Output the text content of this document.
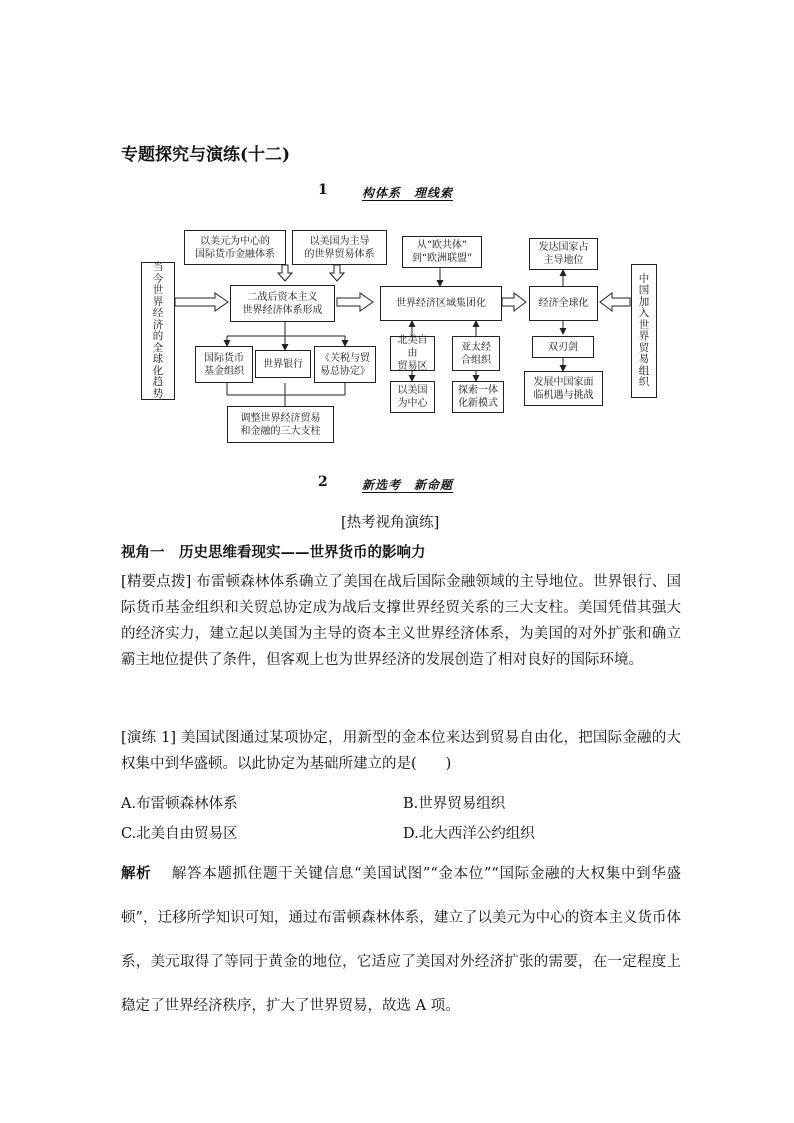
专题探究与演练(十二)
1	构体系　理线索
当
今
世
界
经
济
的
全
球
化
趋
势
中
国
加
入
世
界
贸
易
组
织
以美元为中心的
国际货币金融体系
以美国为主导
的世界贸易体系
二战后资本主义
世界经济体系形成
国际货币
基金组织
世界银行
《关税与贸
易总协定》
调整世界经济贸易
和金融的三大支柱
从“欧共体”
到“欧洲联盟”
世界经济区域集团化
北美自由
贸易区
亚太经
合组织
以美国
为中心
探索一体
化新模式
发达国家占
主导地位
经济全球化
双刃剑
发展中国家面
临机遇与挑战
2	新选考　新命题
[热考视角演练]
视角一　历史思维看现实——世界货币的影响力
[精要点拨] 布雷顿森林体系确立了美国在战后国际金融领域的主导地位。世界银行、国际货币基金组织和关贸总协定成为战后支撑世界经贸关系的三大支柱。美国凭借其强大的经济实力，建立起以美国为主导的资本主义世界经济体系，为美国的对外扩张和确立霸主地位提供了条件，但客观上也为世界经济的发展创造了相对良好的国际环境。
[演练 1] 美国试图通过某项协定，用新型的金本位来达到贸易自由化，把国际金融的大权集中到华盛顿。以此协定为基础所建立的是(　　)
A.布雷顿森林体系	B.世界贸易组织
C.北美自由贸易区	D.北大西洋公约组织
解析　 解答本题抓住题干关键信息“美国试图”“金本位”“国际金融的大权集中到华盛顿”，迁移所学知识可知，通过布雷顿森林体系，建立了以美元为中心的资本主义货币体系，美元取得了等同于黄金的地位，它适应了美国对外经济扩张的需要，在一定程度上稳定了世界经济秩序，扩大了世界贸易，故选 A 项。
